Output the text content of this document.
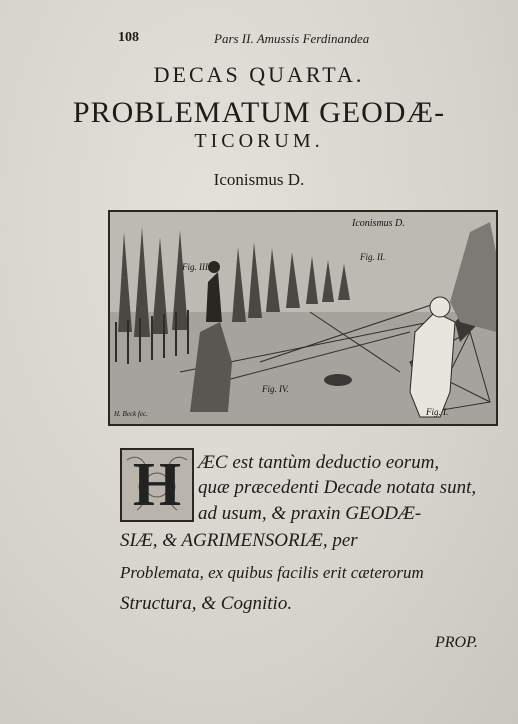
108	Pars II. Amussis Ferdinandea
DECAS QUARTA.
PROBLEMATUM GEODÆ-
TICORUM.
Iconismus D.
Iconismus D.
Fig. III.
Fig. II.
Fig. IV.
Fig. I.
H. Beck fec.
H ÆC est tantùm deductio eorum,
quæ præcedenti Decade notata sunt,
ad usum, & praxin GEODÆ-
SIÆ, & AGRIMENSORIÆ, per
Problemata, ex quibus facilis erit cæterorum
Structura, & Cognitio.
PROP.
